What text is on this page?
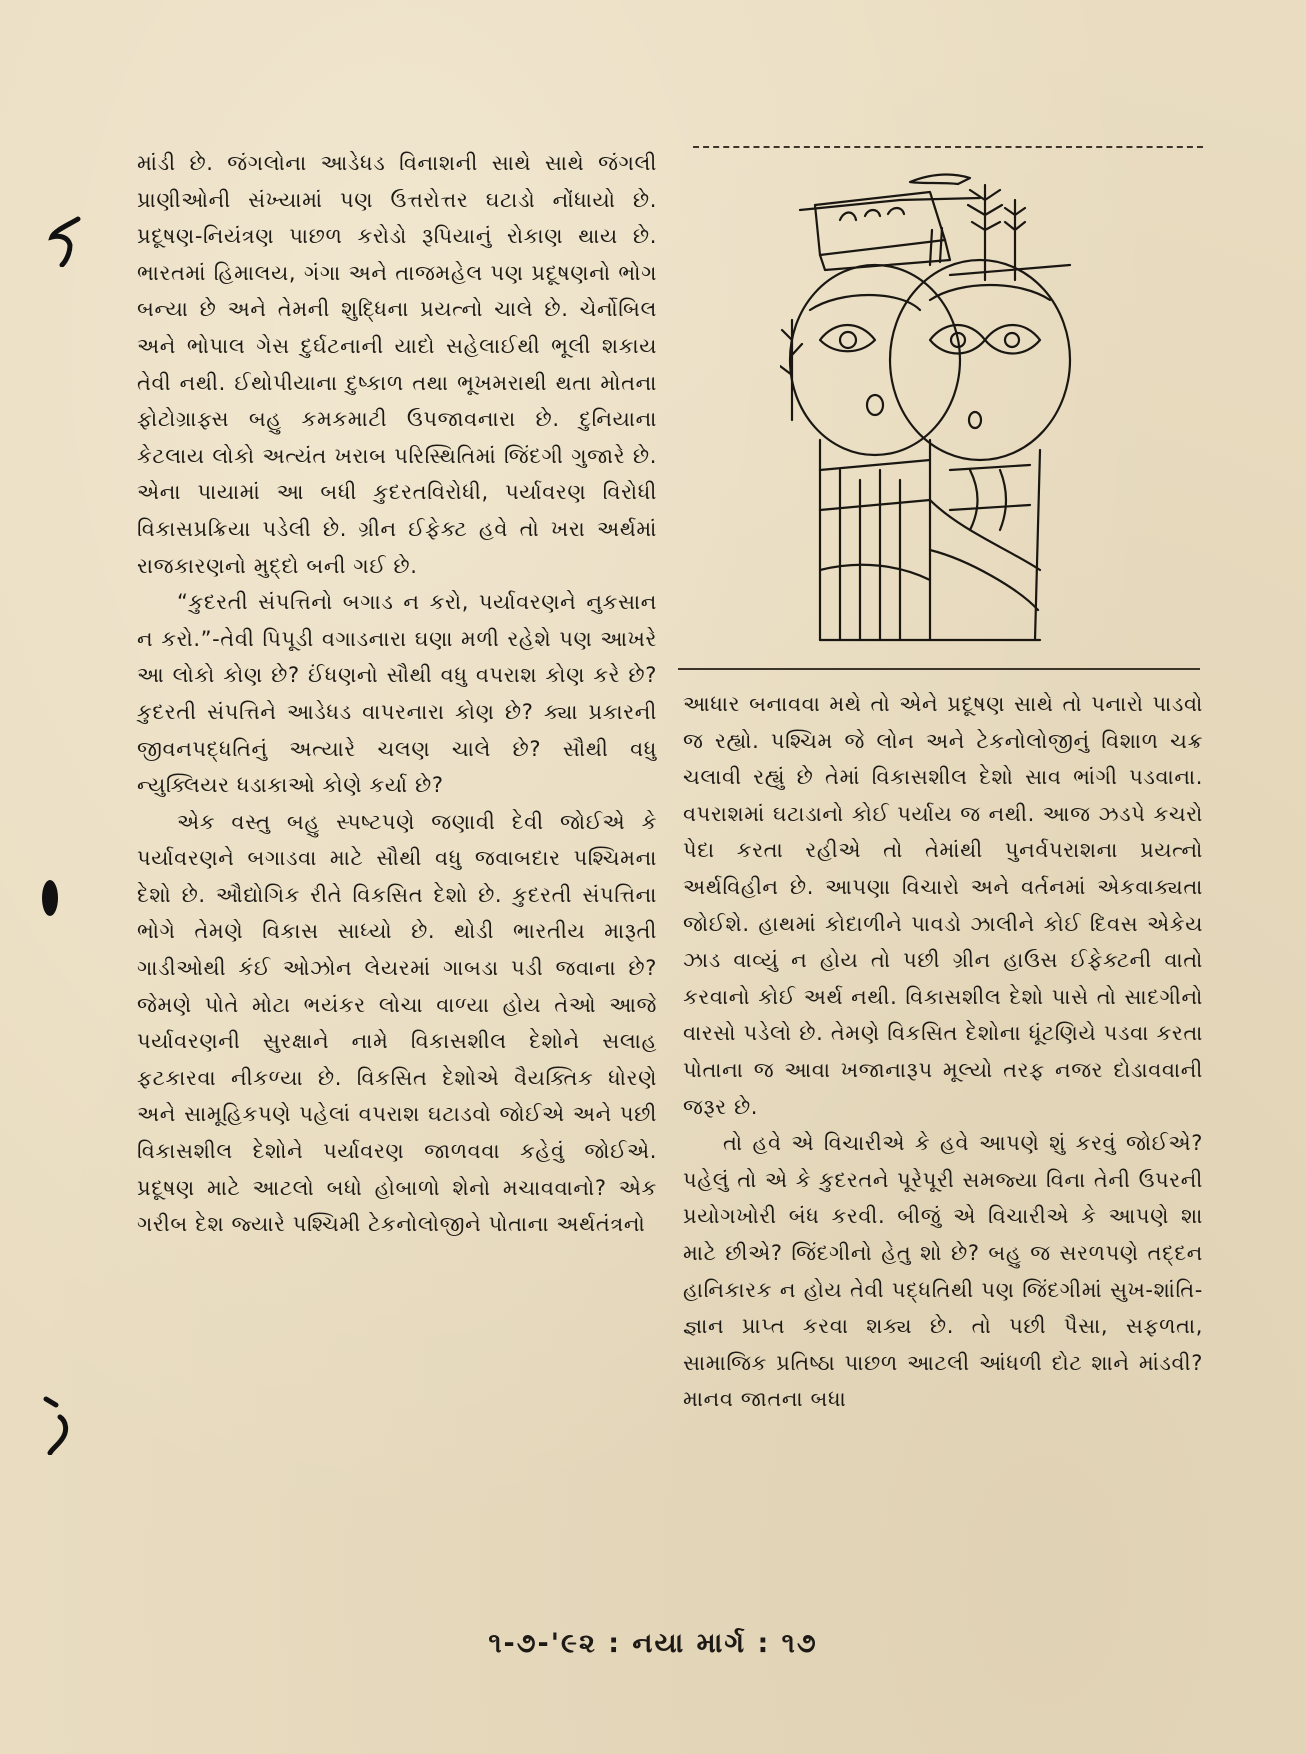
માંડી છે. જંગલોના આડેધડ વિનાશની સાથે સાથે જંગલી પ્રાણીઓની સંખ્યામાં પણ ઉત્તરોત્તર ઘટાડો નોંધાયો છે. પ્રદૂષણ-નિયંત્રણ પાછળ કરોડો રૂપિયાનું રોકાણ થાય છે. ભારતમાં હિમાલય, ગંગા અને તાજમહેલ પણ પ્રદૂષણનો ભોગ બન્યા છે અને તેમની શુદ્ધિના પ્રયત્નો ચાલે છે. ચેર્નોબિલ અને ભોપાલ ગેસ દુર્ઘટનાની યાદો સહેલાઈથી ભૂલી શકાય તેવી નથી. ઈથોપીયાના દુષ્કાળ તથા ભૂખમરાથી થતા મોતના ફોટોગ્રાફ્સ બહુ કમકમાટી ઉપજાવનારા છે. દુનિયાના કેટલાય લોકો અત્યંત ખરાબ પરિસ્થિતિમાં જિંદગી ગુજારે છે. એના પાયામાં આ બધી કુદરતવિરોધી, પર્યાવરણ વિરોધી વિકાસપ્રક્રિયા પડેલી છે. ગ્રીન ઈફેક્ટ હવે તો ખરા અર્થમાં રાજકારણનો મુદ્દો બની ગઈ છે.

“કુદરતી સંપત્તિનો બગાડ ન કરો, પર્યાવરણને નુકસાન ન કરો.”-તેવી પિપૂડી વગાડનારા ઘણા મળી રહેશે પણ આખરે આ લોકો કોણ છે? ઈંધણનો સૌથી વધુ વપરાશ કોણ કરે છે? કુદરતી સંપત્તિને આડેધડ વાપરનારા કોણ છે? ક્યા પ્રકારની જીવનપદ્ધતિનું અત્યારે ચલણ ચાલે છે? સૌથી વધુ ન્યુક્લિયર ધડાકાઓ કોણે કર્યા છે?

એક વસ્તુ બહુ સ્પષ્ટપણે જણાવી દેવી જોઈએ કે પર્યાવરણને બગાડવા માટે સૌથી વધુ જવાબદાર પશ્ચિમના દેશો છે. ઔદ્યોગિક રીતે વિકસિત દેશો છે. કુદરતી સંપત્તિના ભોગે તેમણે વિકાસ સાધ્યો છે. થોડી ભારતીય મારૂતી ગાડીઓથી કંઈ ઓઝોન લેયરમાં ગાબડા પડી જવાના છે? જેમણે પોતે મોટા ભયંકર લોચા વાળ્યા હોય તેઓ આજે પર્યાવરણની સુરક્ષાને નામે વિકાસશીલ દેશોને સલાહ ફટકારવા નીકળ્યા છે. વિકસિત દેશોએ વૈયક્તિક ધોરણે અને સામૂહિકપણે પહેલાં વપરાશ ઘટાડવો જોઈએ અને પછી વિકાસશીલ દેશોને પર્યાવરણ જાળવવા કહેવું જોઈએ. પ્રદૂષણ માટે આટલો બધો હોબાળો શેનો મચાવવાનો? એક ગરીબ દેશ જ્યારે પશ્ચિમી ટેકનોલોજીને પોતાના અર્થતંત્રનો

આધાર બનાવવા મથે તો એને પ્રદૂષણ સાથે તો પનારો પાડવો જ રહ્યો. પશ્ચિમ જે લોન અને ટેકનોલોજીનું વિશાળ ચક્ર ચલાવી રહ્યું છે તેમાં વિકાસશીલ દેશો સાવ ભાંગી પડવાના. વપરાશમાં ઘટાડાનો કોઈ પર્યાય જ નથી. આજ ઝડપે કચરો પેદા કરતા રહીએ તો તેમાંથી પુનર્વપરાશના પ્રયત્નો અર્થવિહીન છે. આપણા વિચારો અને વર્તનમાં એકવાક્યતા જોઈશે. હાથમાં કોદાળીને પાવડો ઝાલીને કોઈ દિવસ એકેય ઝાડ વાવ્યું ન હોય તો પછી ગ્રીન હાઉસ ઈફેક્ટની વાતો કરવાનો કોઈ અર્થ નથી. વિકાસશીલ દેશો પાસે તો સાદગીનો વારસો પડેલો છે. તેમણે વિકસિત દેશોના ધૂંટણિયે પડવા કરતા પોતાના જ આવા ખજાનારૂપ મૂલ્યો તરફ નજર દોડાવવાની જરૂર છે.

તો હવે એ વિચારીએ કે હવે આપણે શું કરવું જોઈએ? પહેલું તો એ કે કુદરતને પૂરેપૂરી સમજ્યા વિના તેની ઉપરની પ્રયોગખોરી બંધ કરવી. બીજું એ વિચારીએ કે આપણે શા માટે છીએ? જિંદગીનો હેતુ શો છે? બહુ જ સરળપણે તદ્દન હાનિકારક ન હોય તેવી પદ્ધતિથી પણ જિંદગીમાં સુખ-શાંતિ-જ્ઞાન પ્રાપ્ત કરવા શક્ય છે. તો પછી પૈસા, સફળતા, સામાજિક પ્રતિષ્ઠા પાછળ આટલી આંધળી દોટ શાને માંડવી? માનવ જાતના બધા

૧-૭-'૯૨ : નયા માર્ગ : ૧૭
